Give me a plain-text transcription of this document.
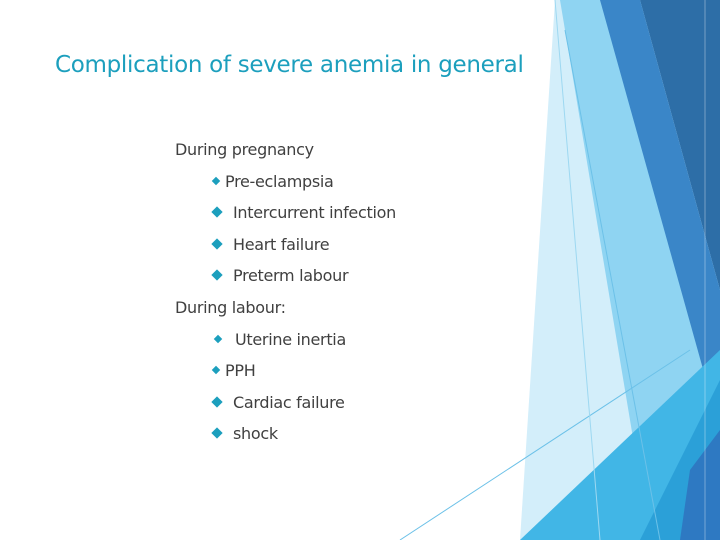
Complication of severe anemia in general

During pregnancy

Pre-eclampsia
Intercurrent infection
Heart failure
Preterm labour

During labour:

Uterine inertia
PPH
Cardiac failure
shock
